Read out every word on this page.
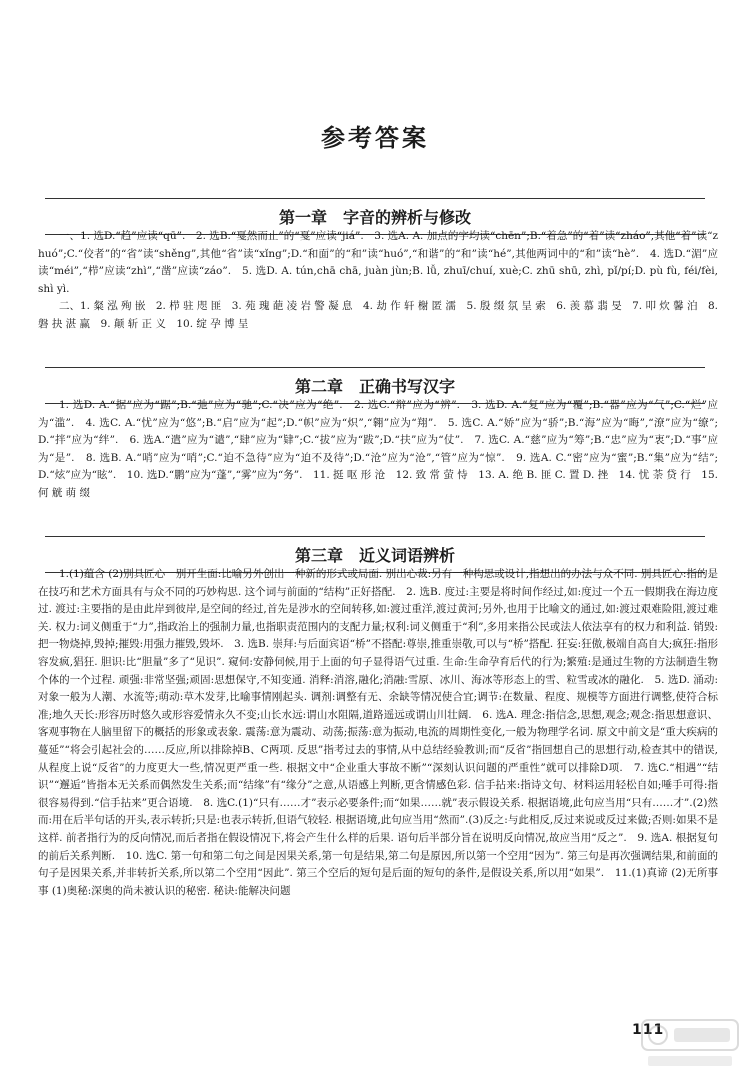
参考答案
第一章　字音的辨析与修改

一、1. 选D.“趋”应读“qū”.　2. 选B.“戛然而止”的“戛”应读“jiá”.　3. 选A. A. 加点的字均读“chēn”;B.“着急”的“着”读“zháo”,其他“着”读“zhuó”;C.“佼者”的“省”读“shěng”,其他“省”读“xǐng”;D.“和面”的“和”读“huó”,“和谐”的“和”读“hé”,其他两词中的“和”读“hè”.　4. 选D.“湄”应读“méi”,“栉”应读“zhì”,“凿”应读“záo”.　5. 选D. A. tún,chā chā, juàn jùn;B. lǚ, zhuī/chuí, xuè;C. zhū shū, zhì, pǐ/pí;D. pù fù, féi/fèi, shì yì.

二、1. 粲 泓 殉 嵌　2. 栉 驻 咫 匪　3. 苑 瑰 葩 凌 岩 警 凝 息　4. 劫 作 轩 榭 匿 濡　5. 殷 缀 氛 呈 索　6. 羡 慕 翡 旻　7. 叩 炊 馨 泊　8. 磐 抉 湛 赢　9. 颠 斩 正 义　10. 绽 孕 博 呈

第二章　正确书写汉字

1. 选D. A.“据”应为“踞”;B.“弛”应为“驰”;C.“决”应为“绝”.　2. 选C.“辩”应为“辨”.　3. 选D. A.“复”应为“覆”;B.“器”应为“气”;C.“烂”应为“滥”.　4. 选C. A.“忧”应为“悠”;B.“启”应为“起”;D.“帜”应为“炽”,“翱”应为“翔”.　5. 选C. A.“娇”应为“骄”;B.“海”应为“晦”,“潦”应为“缭”;D.“拌”应为“绊”.　6. 选A.“遣”应为“谴”,“肆”应为“肄”;C.“拔”应为“跋”;D.“扶”应为“仗”.　7. 选C. A.“慈”应为“筹”;B.“忠”应为“衷”;D.“事”应为“是”.　8. 选B. A.“哨”应为“哨”;C.“迫不急待”应为“迫不及待”;D.“沧”应为“沧”,“管”应为“惊”.　9. 选A. C.“密”应为“蜜”;B.“集”应为“结”;D.“炫”应为“眩”.　10. 选D.“鹏”应为“蓬”,“雾”应为“务”.　11. 挺 呕 形 沧　12. 致 常 萤 恃　13. A. 绝 B. 匪 C. 置 D. 挫　14. 忧 荼 贷 行　15. 何 觥 萌 缀

第三章　近义词语辨析

1.(1)蕴含 (2)别具匠心　别开生面:比喻另外创出一种新的形式或局面. 别出心裁:另有一种构思或设计,指想出的办法与众不同. 别具匠心:指的是在技巧和艺术方面具有与众不同的巧妙构思. 这个词与前面的“结构”正好搭配.　2. 选B. 度过:主要是将时间作经过,如:度过一个五一假期我在海边度过. 渡过:主要指的是由此岸到彼岸,是空间的经过,首先是涉水的空间转移,如:渡过重洋,渡过黄河;另外,也用于比喻文的通过,如:渡过艰难险阻,渡过难关. 权力:词义侧重于“力”,指政治上的强制力量,也指职责范围内的支配力量;权利:词义侧重于“利”,多用来指公民或法人依法享有的权力和利益. 销毁:把一物烧掉,毁掉;摧毁:用强力摧毁,毁坏.　3. 选B. 崇拜:与后面宾语“桥”不搭配:尊崇,推重崇敬,可以与“桥”搭配. 狂妄:狂傲,极端自高自大;疯狂:指形容发疯,猖狂. 胆识:比“胆量”多了“见识”. 窥伺:安静伺候,用于上面的句子显得语气过重. 生命:生命孕育后代的行为;繁殖:是通过生物的方法制造生物个体的一个过程. 顽强:非常坚强;顽固:思想保守,不知变通. 消释:消溶,融化;消融:雪原、冰川、海冰等形态上的雪、粒雪或冰的融化.　5. 选D. 涌动:对象一般为人潮、水流等;萌动:草木发芽,比喻事情刚起头. 调剂:调整有无、余缺等情况使合宜;调节:在数量、程度、规模等方面进行调整,使符合标准;地久天长:形容历时悠久或形容爱情永久不变;山长水远:谓山水阻隔,道路遥远或谓山川壮阔.　6. 选A. 理念:指信念,思想,观念;观念:指思想意识、客观事物在人脑里留下的概括的形象或表象. 震荡:意为震动、动荡;振荡:意为振动,电流的周期性变化,一般为物理学名词. 原文中前文是“重大疾病的蔓延”“将会引起社会的……反应,所以排除掉B、C两项. 反思”指考过去的事情,从中总结经验教训;而“反省”指回想自己的思想行动,检查其中的错误,从程度上说“反省”的力度更大一些,情况更严重一些. 根据文中“企业重大事故不断”“深刻认识问题的严重性”就可以排除D项.　7. 选C.“相遇”“结识”“邂逅”皆指本无关系而偶然发生关系;而“结缘”有“缘分”之意,从语感上判断,更含情感色彩. 信手拈来:指诗文句、材料运用轻松自如;唾手可得:指很容易得到.“信手拈来”更合语境.　8. 选C.(1)“只有……才”表示必要条件;而“如果……就”表示假设关系. 根据语境,此句应当用“只有……才”.(2)然而:用在后半句话的开头,表示转折;只是:也表示转折,但语气较轻. 根据语境,此句应当用“然而”.(3)反之:与此相反,反过来说或反过来做;否则:如果不是这样. 前者指行为的反向情况,而后者指在假设情况下,将会产生什么样的后果. 语句后半部分旨在说明反向情况,故应当用“反之”.　9. 选A. 根据复句的前后关系判断.　10. 选C. 第一句和第二句之间是因果关系,第一句是结果,第二句是原因,所以第一个空用“因为”. 第三句是再次强调结果,和前面的句子是因果关系,并非转折关系,所以第二个空用“因此”. 第三个空后的短句是后面的短句的条件,是假设关系,所以用“如果”.　11.(1)真谛 (2)无所事事 (1)奥秘:深奥的尚未被认识的秘密. 秘诀:能解决问题

111
